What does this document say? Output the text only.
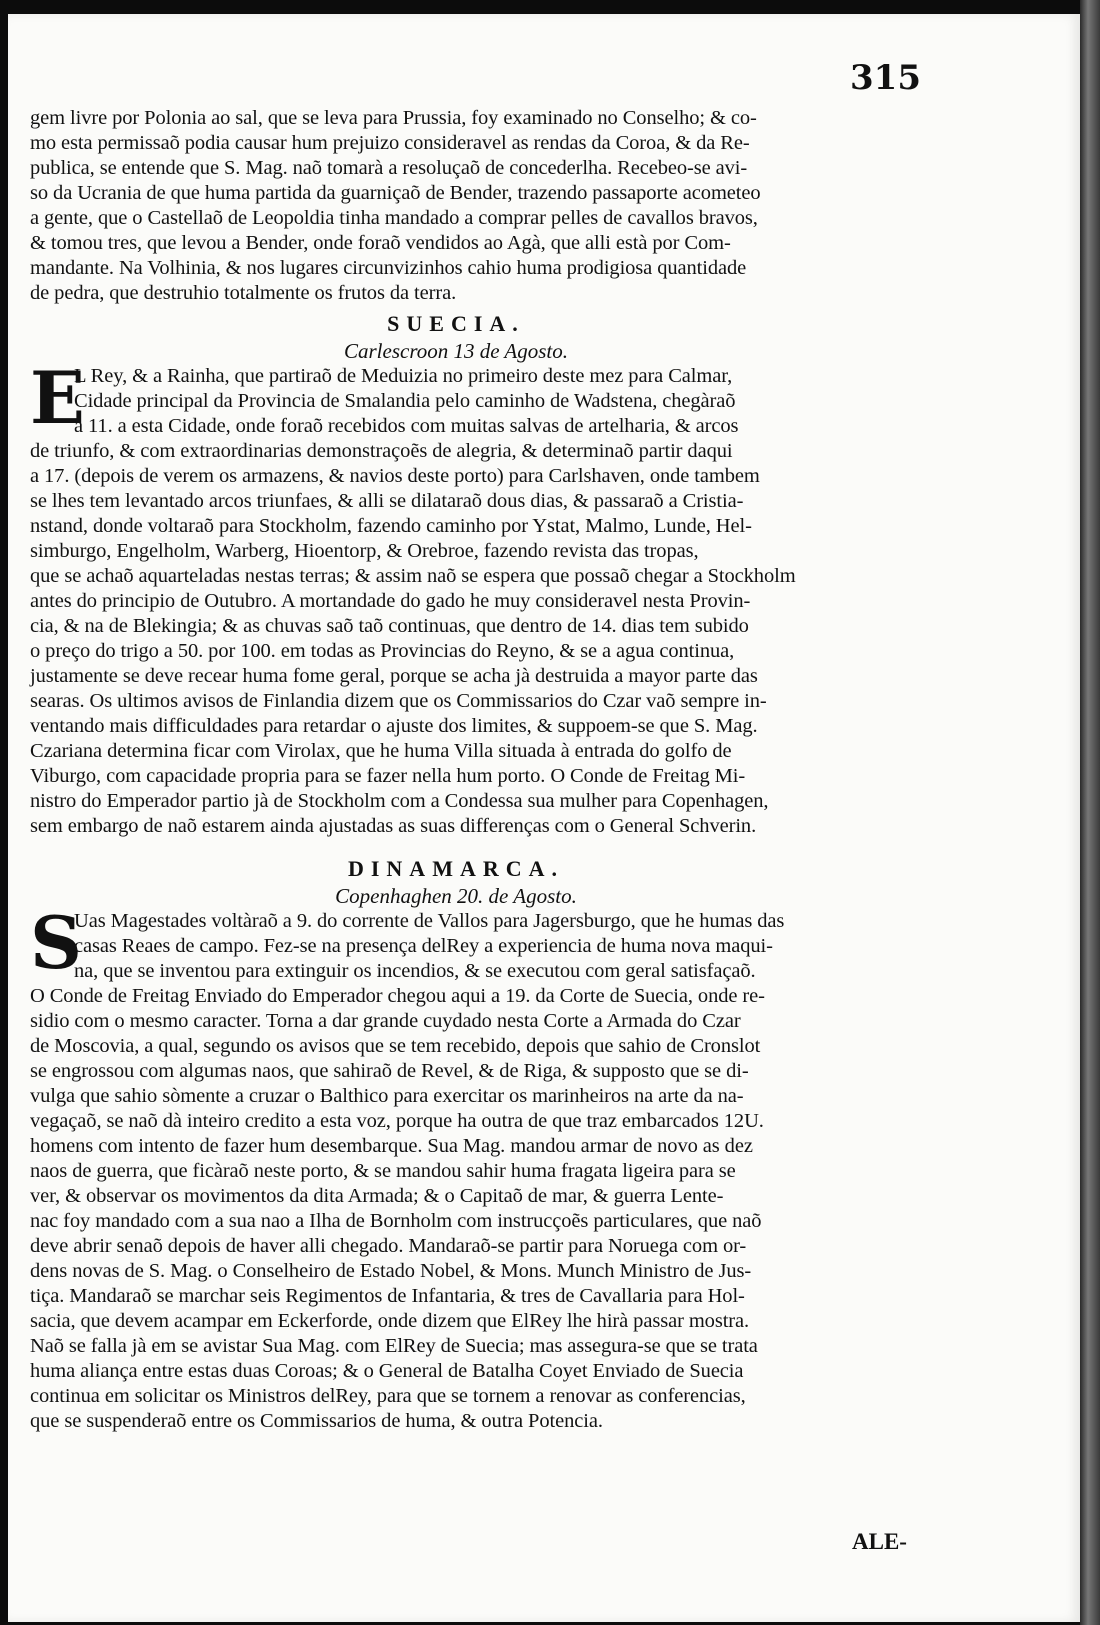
315
gem livre por Polonia ao sal, que se leva para Prussia, foy examinado no Conselho; & co-
mo esta permissaõ podia causar hum prejuizo consideravel as rendas da Coroa, & da Re-
publica, se entende que S. Mag. naõ tomarà a resoluçaõ de concederlha. Recebeo-se avi-
so da Ucrania de que huma partida da guarniçaõ de Bender, trazendo passaporte acometeo
a gente, que o Castellaõ de Leopoldia tinha mandado a comprar pelles de cavallos bravos,
& tomou tres, que levou a Bender, onde foraõ vendidos ao Agà, que alli està por Com-
mandante. Na Volhinia, & nos lugares circunvizinhos cahio huma prodigiosa quantidade
de pedra, que destruhio totalmente os frutos da terra.
SUECIA.
Carlescroon 13 de Agosto.
E
L Rey, & a Rainha, que partiraõ de Meduizia no primeiro deste mez para Calmar,
Cidade principal da Provincia de Smalandia pelo caminho de Wadstena, chegàraõ
a 11. a esta Cidade, onde foraõ recebidos com muitas salvas de artelharia, & arcos
de triunfo, & com extraordinarias demonstraçoẽs de alegria, & determinaõ partir daqui
a 17. (depois de verem os armazens, & navios deste porto) para Carlshaven, onde tambem
se lhes tem levantado arcos triunfaes, & alli se dilataraõ dous dias, & passaraõ a Cristia-
nstand, donde voltaraõ para Stockholm, fazendo caminho por Ystat, Malmo, Lunde, Hel-
simburgo, Engelholm, Warberg, Hioentorp, & Orebroe, fazendo revista das tropas,
que se achaõ aquarteladas nestas terras; & assim naõ se espera que possaõ chegar a Stockholm
antes do principio de Outubro. A mortandade do gado he muy consideravel nesta Provin-
cia, & na de Blekingia; & as chuvas saõ taõ continuas, que dentro de 14. dias tem subido
o preço do trigo a 50. por 100. em todas as Provincias do Reyno, & se a agua continua,
justamente se deve recear huma fome geral, porque se acha jà destruida a mayor parte das
searas. Os ultimos avisos de Finlandia dizem que os Commissarios do Czar vaõ sempre in-
ventando mais difficuldades para retardar o ajuste dos limites, & suppoem-se que S. Mag.
Czariana determina ficar com Virolax, que he huma Villa situada à entrada do golfo de
Viburgo, com capacidade propria para se fazer nella hum porto. O Conde de Freitag Mi-
nistro do Emperador partio jà de Stockholm com a Condessa sua mulher para Copenhagen,
sem embargo de naõ estarem ainda ajustadas as suas differenças com o General Schverin.
DINAMARCA.
Copenhaghen 20. de Agosto.
S
Uas Magestades voltàraõ a 9. do corrente de Vallos para Jagersburgo, que he humas das
casas Reaes de campo. Fez-se na presença delRey a experiencia de huma nova maqui-
na, que se inventou para extinguir os incendios, & se executou com geral satisfaçaõ.
O Conde de Freitag Enviado do Emperador chegou aqui a 19. da Corte de Suecia, onde re-
sidio com o mesmo caracter. Torna a dar grande cuydado nesta Corte a Armada do Czar
de Moscovia, a qual, segundo os avisos que se tem recebido, depois que sahio de Cronslot
se engrossou com algumas naos, que sahiraõ de Revel, & de Riga, & supposto que se di-
vulga que sahio sòmente a cruzar o Balthico para exercitar os marinheiros na arte da na-
vegaçaõ, se naõ dà inteiro credito a esta voz, porque ha outra de que traz embarcados 12U.
homens com intento de fazer hum desembarque. Sua Mag. mandou armar de novo as dez
naos de guerra, que ficàraõ neste porto, & se mandou sahir huma fragata ligeira para se
ver, & observar os movimentos da dita Armada; & o Capitaõ de mar, & guerra Lente-
nac foy mandado com a sua nao a Ilha de Bornholm com instrucçoẽs particulares, que naõ
deve abrir senaõ depois de haver alli chegado. Mandaraõ-se partir para Noruega com or-
dens novas de S. Mag. o Conselheiro de Estado Nobel, & Mons. Munch Ministro de Jus-
tiça. Mandaraõ se marchar seis Regimentos de Infantaria, & tres de Cavallaria para Hol-
sacia, que devem acampar em Eckerforde, onde dizem que ElRey lhe hirà passar mostra.
Naõ se falla jà em se avistar Sua Mag. com ElRey de Suecia; mas assegura-se que se trata
huma aliança entre estas duas Coroas; & o General de Batalha Coyet Enviado de Suecia
continua em solicitar os Ministros delRey, para que se tornem a renovar as conferencias,
que se suspenderaõ entre os Commissarios de huma, & outra Potencia.
ALE-
